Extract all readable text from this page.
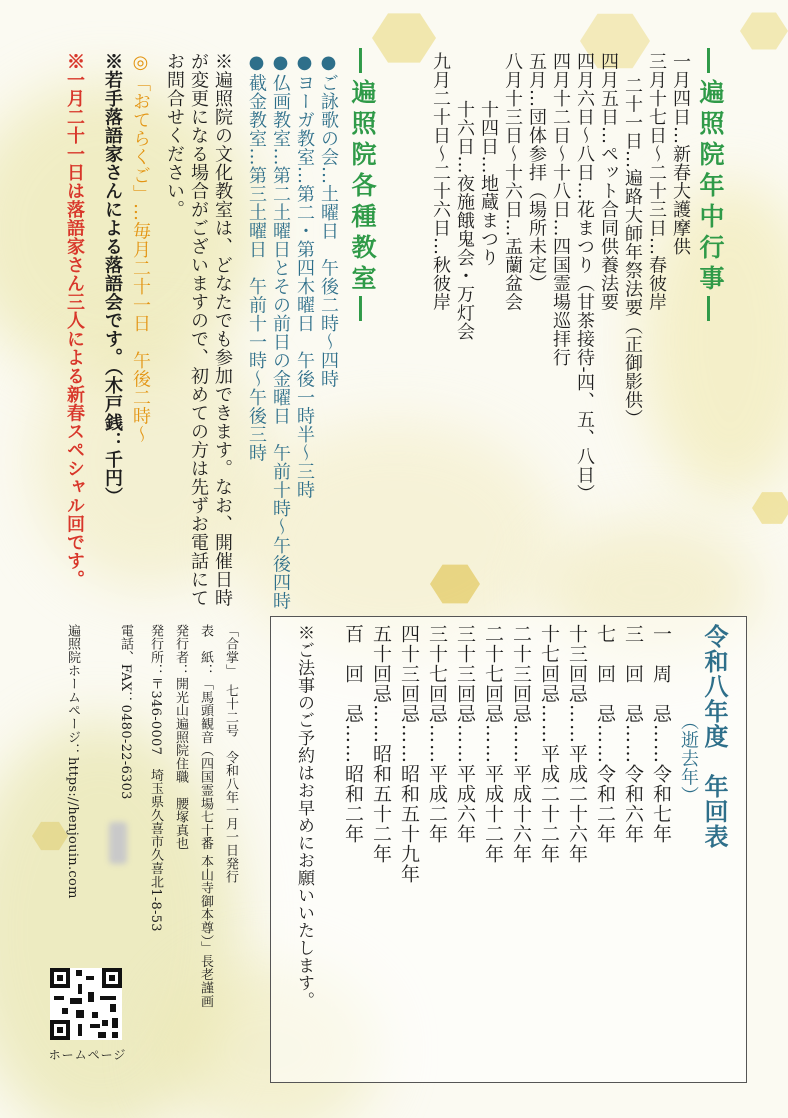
―遍照院年中行事―
一月四日…新春大護摩供
三月十七日～二十三日…春彼岸
二十一日…遍路大師年祭法要（正御影供）
四月五日…ペット合同供養法要
四月六日～八日…花まつり（甘茶接待-四、五、八日）
四月十二日～十八日…四国霊場巡拝行
五月…団体参拝（場所未定）
八月十三日～十六日…盂蘭盆会
十四日…地蔵まつり
十六日…夜施餓鬼会・万灯会
九月二十日～二十六日…秋彼岸
―遍照院各種教室―
●ご詠歌の会…土曜日　午後二時～四時
●ヨーガ教室…第二・第四木曜日　午後一時半～三時
●仏画教室…第二土曜日とその前日の金曜日　午前十時～午後四時
●截金教室…第三土曜日　午前十一時～午後三時
※遍照院の文化教室は、どなたでも参加できます。なお、開催日時
が変更になる場合がございますので、初めての方は先ずお電話にて
お問合せください。
◎「おてらくご」…毎月二十一日　午後二時～
※若手落語家さんによる落語会です。（木戸銭：千円）
※一月二十一日は落語家さん三人による新春スペシャル回です。
令和八年度　年回表
（逝去年）
一　周　忌……令和七年
三　回　忌……令和六年
七　回　忌……令和二年
十三回忌……平成二十六年
十七回忌……平成二十二年
二十三回忌……平成十六年
二十七回忌……平成十二年
三十三回忌……平成六年
三十七回忌……平成二年
四十三回忌……昭和五十九年
五十回忌……昭和五十二年
百　回　忌……昭和二年
※ご法事のご予約はお早めにお願いいたします。
「合掌」　七十二号　令和八年一月一日発行
表　紙：「馬頭観音（四国霊場七十番 本山寺御本尊）」長老謹画
発行者：開光山遍照院住職　腰塚真也
発行所：〒346-0007　埼玉県久喜市久喜北1-8-53
電話、FAX：0480-22-6303
遍照院ホームページ：https://henjouin.com
ホームページ
